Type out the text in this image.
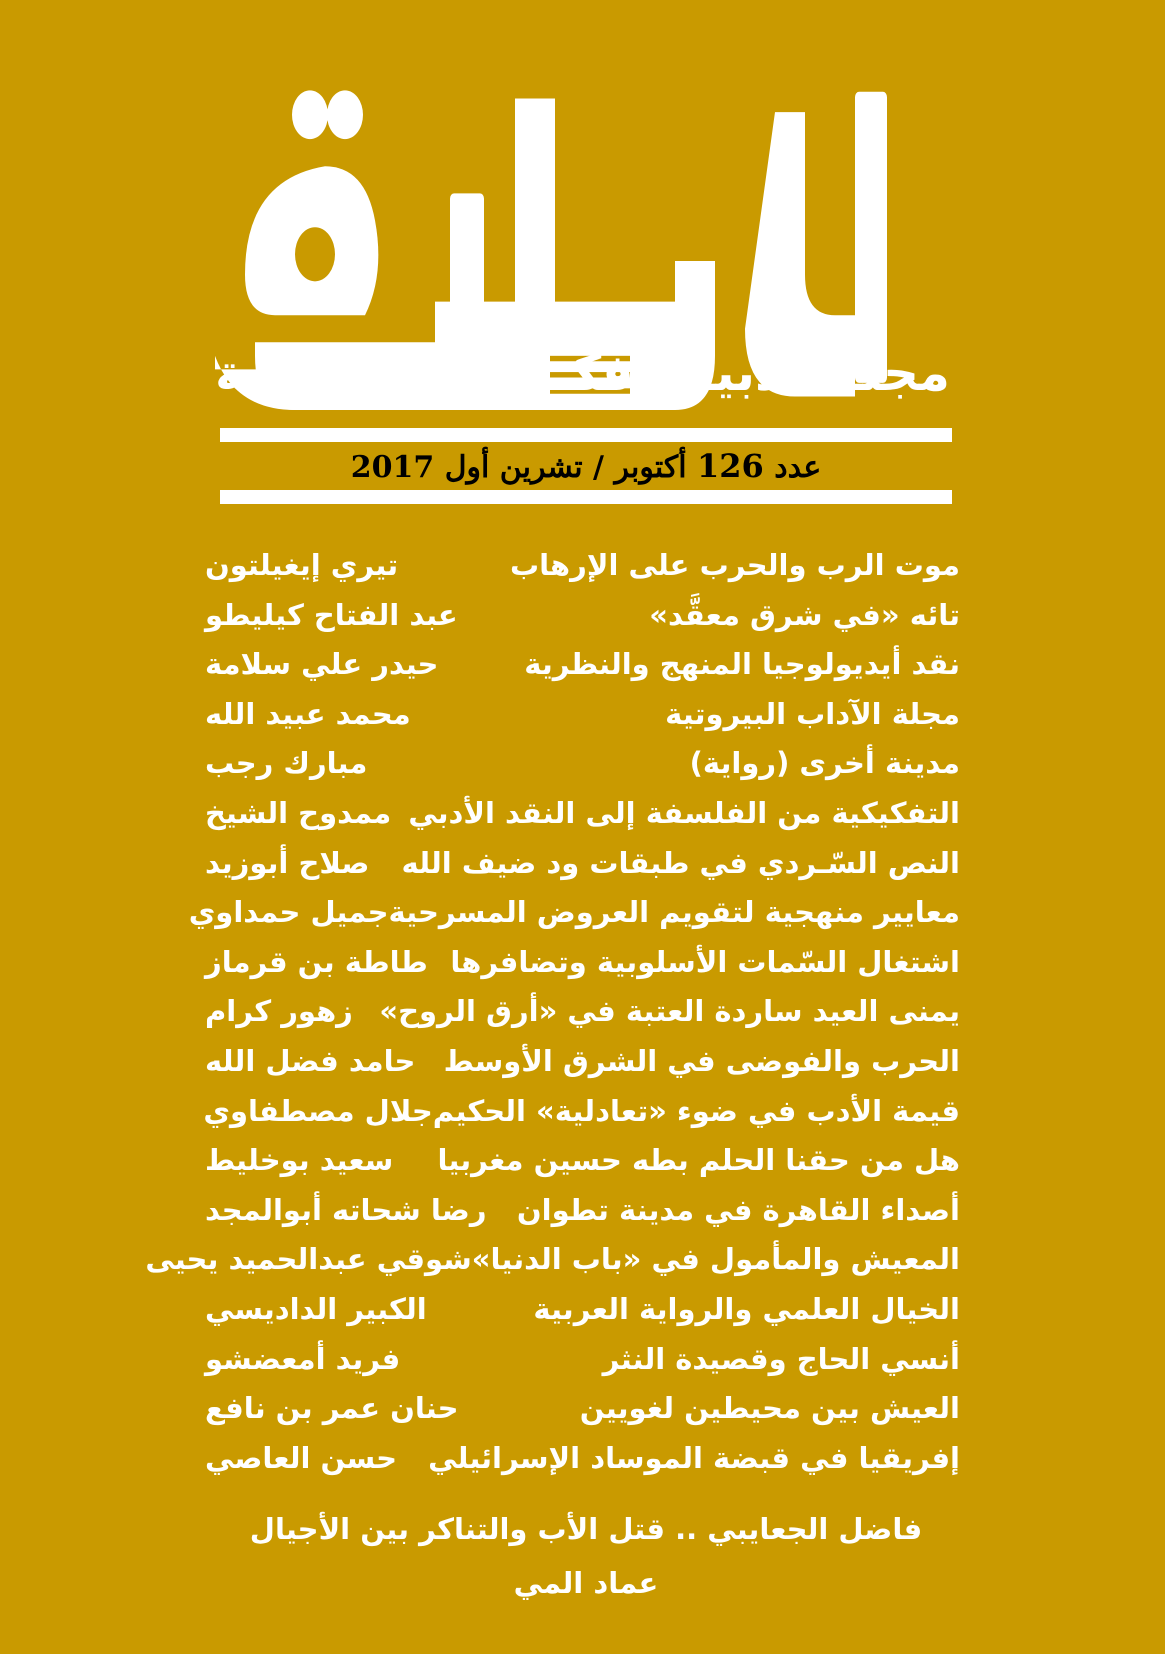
مجلـة أدبيــة فكــرية
شهرية
عدد 126 أكتوبر / تشرين أول 2017
موت الرب والحرب على الإرهاب
تيري إيغيلتون
تائه «في شرق معقَّد»
عبد الفتاح كيليطو
نقد أيديولوجيا المنهج والنظرية
حيدر علي سلامة
مجلة الآداب البيروتية
محمد عبيد الله
مدينة أخرى (رواية)
مبارك رجب
التفكيكية من الفلسفة إلى النقد الأدبي
ممدوح الشيخ
النص السّـردي في طبقات ود ضيف الله
صلاح أبوزيد
معايير منهجية لتقويم العروض المسرحية
جميل حمداوي
اشتغال السّمات الأسلوبية وتضافرها
طاطة بن قرماز
يمنى العيد ساردة العتبة في «أرق الروح»
زهور كرام
الحرب والفوضى في الشرق الأوسط
حامد فضل الله
قيمة الأدب في ضوء «تعادلية» الحكيم
جلال مصطفاوي
هل من حقنا الحلم بطه حسين مغربيا
سعيد بوخليط
أصداء القاهرة في مدينة تطوان
رضا شحاته أبوالمجد
المعيش والمأمول في «باب الدنيا»
شوقي عبدالحميد يحيى
الخيال العلمي والرواية العربية
الكبير الداديسي
أنسي الحاج وقصيدة النثر
فريد أمعضشو
العيش بين محيطين لغويين
حنان عمر بن نافع
إفريقيا في قبضة الموساد الإسرائيلي
حسن العاصي
فاضل الجعايبي .. قتل الأب والتناكر بين الأجيال
عماد المي
